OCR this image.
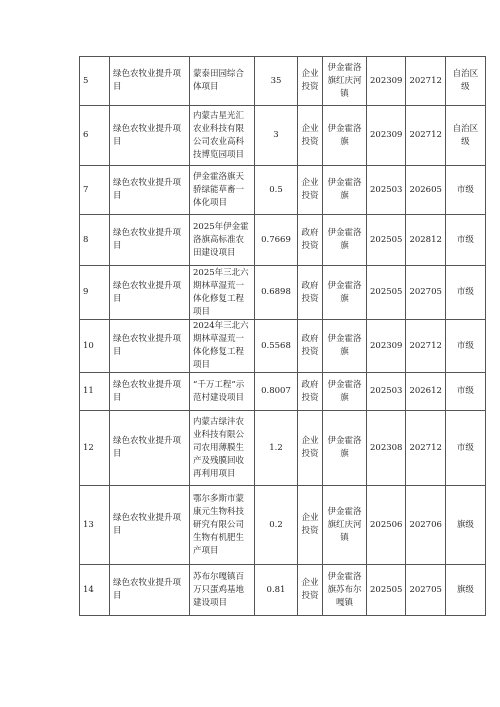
5	绿色农牧业提升项目	蒙泰田园综合体项目	35	企业投资	伊金霍洛旗红庆河镇	202309	202712	自治区级
6	绿色农牧业提升项目	内蒙古星光汇农业科技有限公司农业高科技博览园项目	3	企业投资	伊金霍洛旗	202309	202712	自治区级
7	绿色农牧业提升项目	伊金霍洛旗天骄绿能草畜一体化项目	0.5	企业投资	伊金霍洛旗	202503	202605	市级
8	绿色农牧业提升项目	2025年伊金霍洛旗高标准农田建设项目	0.7669	政府投资	伊金霍洛旗	202505	202812	市级
9	绿色农牧业提升项目	2025年三北六期林草湿荒一体化修复工程项目	0.6898	政府投资	伊金霍洛旗	202505	202705	市级
10	绿色农牧业提升项目	2024年三北六期林草湿荒一体化修复工程项目	0.5568	政府投资	伊金霍洛旗	202309	202712	市级
11	绿色农牧业提升项目	“千万工程”示范村建设项目	0.8007	政府投资	伊金霍洛旗	202503	202612	市级
12	绿色农牧业提升项目	内蒙古绿沣农业科技有限公司农用薄膜生产及残膜回收再利用项目	1.2	企业投资	伊金霍洛旗	202308	202712	市级
13	绿色农牧业提升项目	鄂尔多斯市蒙康元生物科技研究有限公司生物有机肥生产项目	0.2	企业投资	伊金霍洛旗红庆河镇	202506	202706	旗级
14	绿色农牧业提升项目	苏布尔嘎镇百万只蛋鸡基地建设项目	0.81	企业投资	伊金霍洛旗苏布尔嘎镇	202505	202705	旗级
